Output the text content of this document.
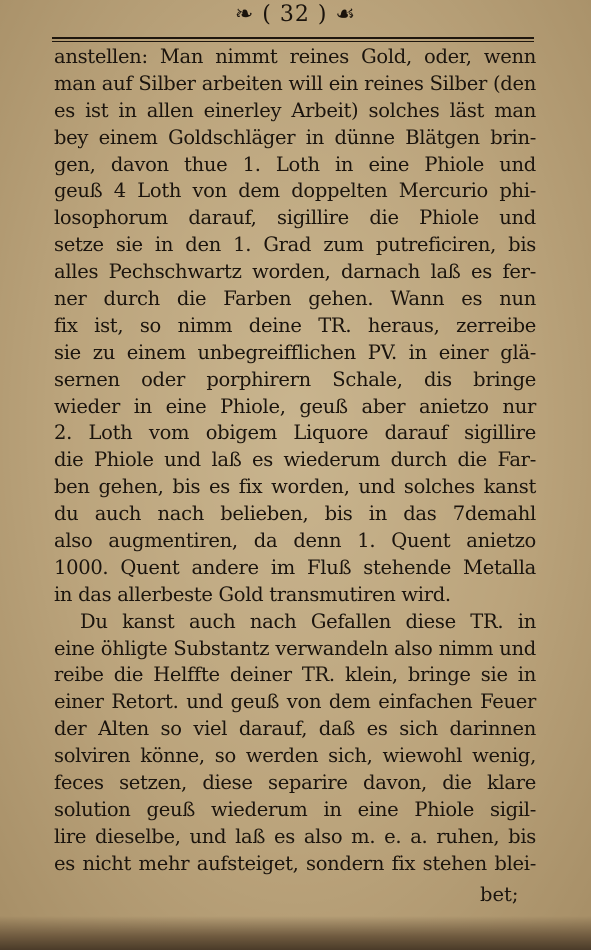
❧ ( 32 ) ☙
anstellen: Man nimmt reines Gold, oder, wenn
man auf Silber arbeiten will ein reines Silber (den
es ist in allen einerley Arbeit) solches läst man
bey einem Goldschläger in dünne Blätgen brin-
gen, davon thue 1. Loth in eine Phiole und
geuß 4 Loth von dem doppelten Mercurio phi-
losophorum darauf, sigillire die Phiole und
setze sie in den 1. Grad zum putreficiren, bis
alles Pechschwartz worden, darnach laß es fer-
ner durch die Farben gehen. Wann es nun
fix ist, so nimm deine TR. heraus, zerreibe
sie zu einem unbegreifflichen PV. in einer glä-
sernen oder porphirern Schale, dis bringe
wieder in eine Phiole, geuß aber anietzo nur
2. Loth vom obigem Liquore darauf sigillire
die Phiole und laß es wiederum durch die Far-
ben gehen, bis es fix worden, und solches kanst
du auch nach belieben, bis in das 7demahl
also augmentiren, da denn 1. Quent anietzo
1000. Quent andere im Fluß stehende Metalla
in das allerbeste Gold transmutiren wird.
Du kanst auch nach Gefallen diese TR. in
eine öhligte Substantz verwandeln also nimm und
reibe die Helffte deiner TR. klein, bringe sie in
einer Retort. und geuß von dem einfachen Feuer
der Alten so viel darauf, daß es sich darinnen
solviren könne, so werden sich, wiewohl wenig,
feces setzen, diese separire davon, die klare
solution geuß wiederum in eine Phiole sigil-
lire dieselbe, und laß es also m. e. a. ruhen, bis
es nicht mehr aufsteiget, sondern fix stehen blei-
bet;
